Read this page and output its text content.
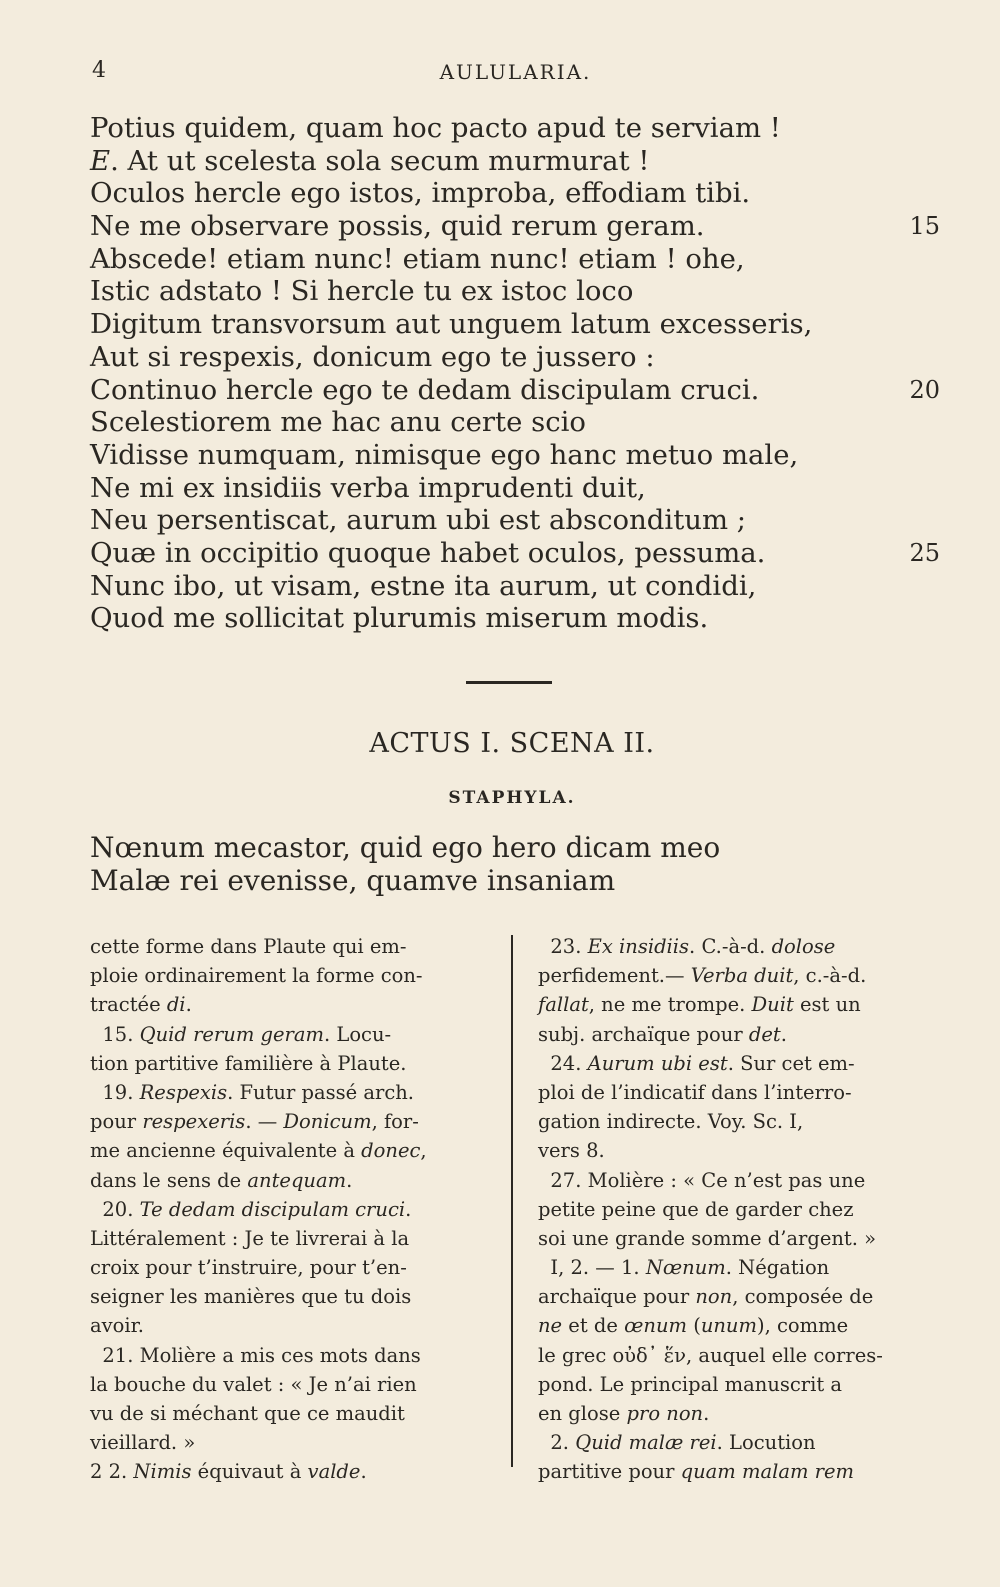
4	AULULARIA.
Potius quidem, quam hoc pacto apud te serviam !
E. At ut scelesta sola secum murmurat !
Oculos hercle ego istos, improba, effodiam tibi.
Ne me observare possis, quid rerum geram.	15
Abscede! etiam nunc! etiam nunc! etiam ! ohe,
Istic adstato ! Si hercle tu ex istoc loco
Digitum transvorsum aut unguem latum excesseris,
Aut si respexis, donicum ego te jussero :
Continuo hercle ego te dedam discipulam cruci.	20
Scelestiorem me hac anu certe scio
Vidisse numquam, nimisque ego hanc metuo male,
Ne mi ex insidiis verba imprudenti duit,
Neu persentiscat, aurum ubi est absconditum ;
Quæ in occipitio quoque habet oculos, pessuma.	25
Nunc ibo, ut visam, estne ita aurum, ut condidi,
Quod me sollicitat plurumis miserum modis.
ACTUS I. SCENA II.
STAPHYLA.
Nœnum mecastor, quid ego hero dicam meo
Malæ rei evenisse, quamve insaniam
cette forme dans Plaute qui em-
ploie ordinairement la forme con-
tractée di.
15. Quid rerum geram. Locu-
tion partitive familière à Plaute.
19. Respexis. Futur passé arch.
pour respexeris. — Donicum, for-
me ancienne équivalente à donec,
dans le sens de antequam.
20. Te dedam discipulam cruci.
Littéralement : Je te livrerai à la
croix pour t’instruire, pour t’en-
seigner les manières que tu dois
avoir.
21. Molière a mis ces mots dans
la bouche du valet : « Je n’ai rien
vu de si méchant que ce maudit
vieillard. »
2 2. Nimis équivaut à valde.
23. Ex insidiis. C.-à-d. dolose
perfidement.— Verba duit, c.-à-d.
fallat, ne me trompe. Duit est un
subj. archaïque pour det.
24. Aurum ubi est. Sur cet em-
ploi de l’indicatif dans l’interro-
gation indirecte. Voy. Sc. I,
vers 8.
27. Molière : « Ce n’est pas une
petite peine que de garder chez
soi une grande somme d’argent. »
I, 2. — 1. Nœnum. Négation
archaïque pour non, composée de
ne et de œnum (unum), comme
le grec οὐδ᾽ ἕν, auquel elle corres-
pond. Le principal manuscrit a
en glose pro non.
2. Quid malæ rei. Locution
partitive pour quam malam rem
